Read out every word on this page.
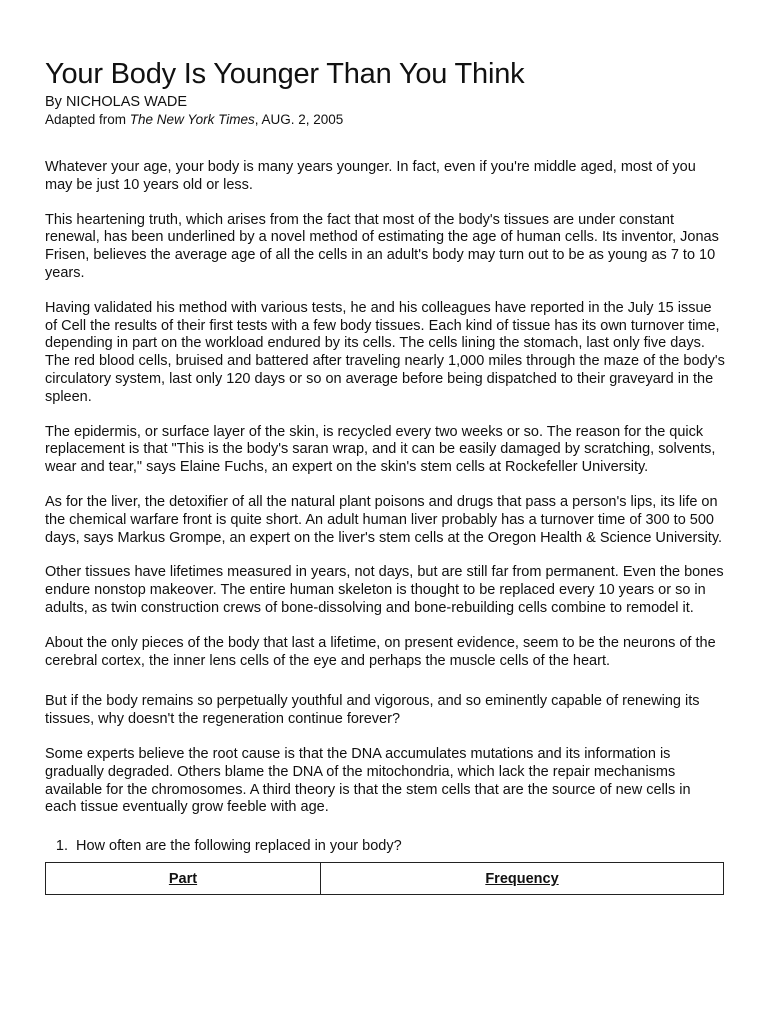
Your Body Is Younger Than You Think
By NICHOLAS WADE
Adapted from The New York Times, AUG. 2, 2005

Whatever your age, your body is many years younger. In fact, even if you're middle aged, most of you may be just 10 years old or less.

This heartening truth, which arises from the fact that most of the body's tissues are under constant renewal, has been underlined by a novel method of estimating the age of human cells. Its inventor, Jonas Frisen, believes the average age of all the cells in an adult's body may turn out to be as young as 7 to 10 years.

Having validated his method with various tests, he and his colleagues have reported in the July 15 issue of Cell the results of their first tests with a few body tissues. Each kind of tissue has its own turnover time, depending in part on the workload endured by its cells. The cells lining the stomach, last only five days. The red blood cells, bruised and battered after traveling nearly 1,000 miles through the maze of the body's circulatory system, last only 120 days or so on average before being dispatched to their graveyard in the spleen.

The epidermis, or surface layer of the skin, is recycled every two weeks or so. The reason for the quick replacement is that "This is the body's saran wrap, and it can be easily damaged by scratching, solvents, wear and tear," says Elaine Fuchs, an expert on the skin's stem cells at Rockefeller University.

As for the liver, the detoxifier of all the natural plant poisons and drugs that pass a person's lips, its life on the chemical warfare front is quite short. An adult human liver probably has a turnover time of 300 to 500 days, says Markus Grompe, an expert on the liver's stem cells at the Oregon Health & Science University.

Other tissues have lifetimes measured in years, not days, but are still far from permanent. Even the bones endure nonstop makeover. The entire human skeleton is thought to be replaced every 10 years or so in adults, as twin construction crews of bone-dissolving and bone-rebuilding cells combine to remodel it.

About the only pieces of the body that last a lifetime, on present evidence, seem to be the neurons of the cerebral cortex, the inner lens cells of the eye and perhaps the muscle cells of the heart.

But if the body remains so perpetually youthful and vigorous, and so eminently capable of renewing its tissues, why doesn't the regeneration continue forever?

Some experts believe the root cause is that the DNA accumulates mutations and its information is gradually degraded. Others blame the DNA of the mitochondria, which lack the repair mechanisms available for the chromosomes. A third theory is that the stem cells that are the source of new cells in each tissue eventually grow feeble with age.

1. How often are the following replaced in your body?
Part	Frequency
